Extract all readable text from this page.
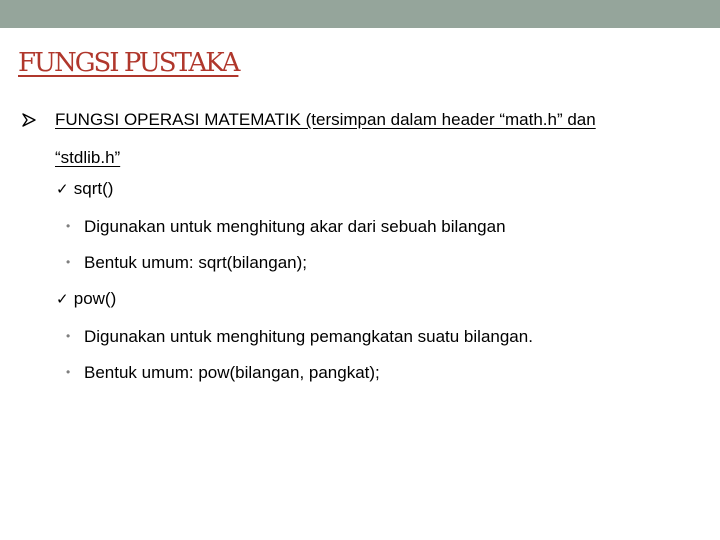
FUNGSI PUSTAKA
FUNGSI OPERASI MATEMATIK (tersimpan dalam header “math.h” dan
“stdlib.h”
✓ sqrt()
• Digunakan untuk menghitung akar dari sebuah bilangan
• Bentuk umum: sqrt(bilangan);
✓ pow()
• Digunakan untuk menghitung pemangkatan suatu bilangan.
• Bentuk umum: pow(bilangan, pangkat);
